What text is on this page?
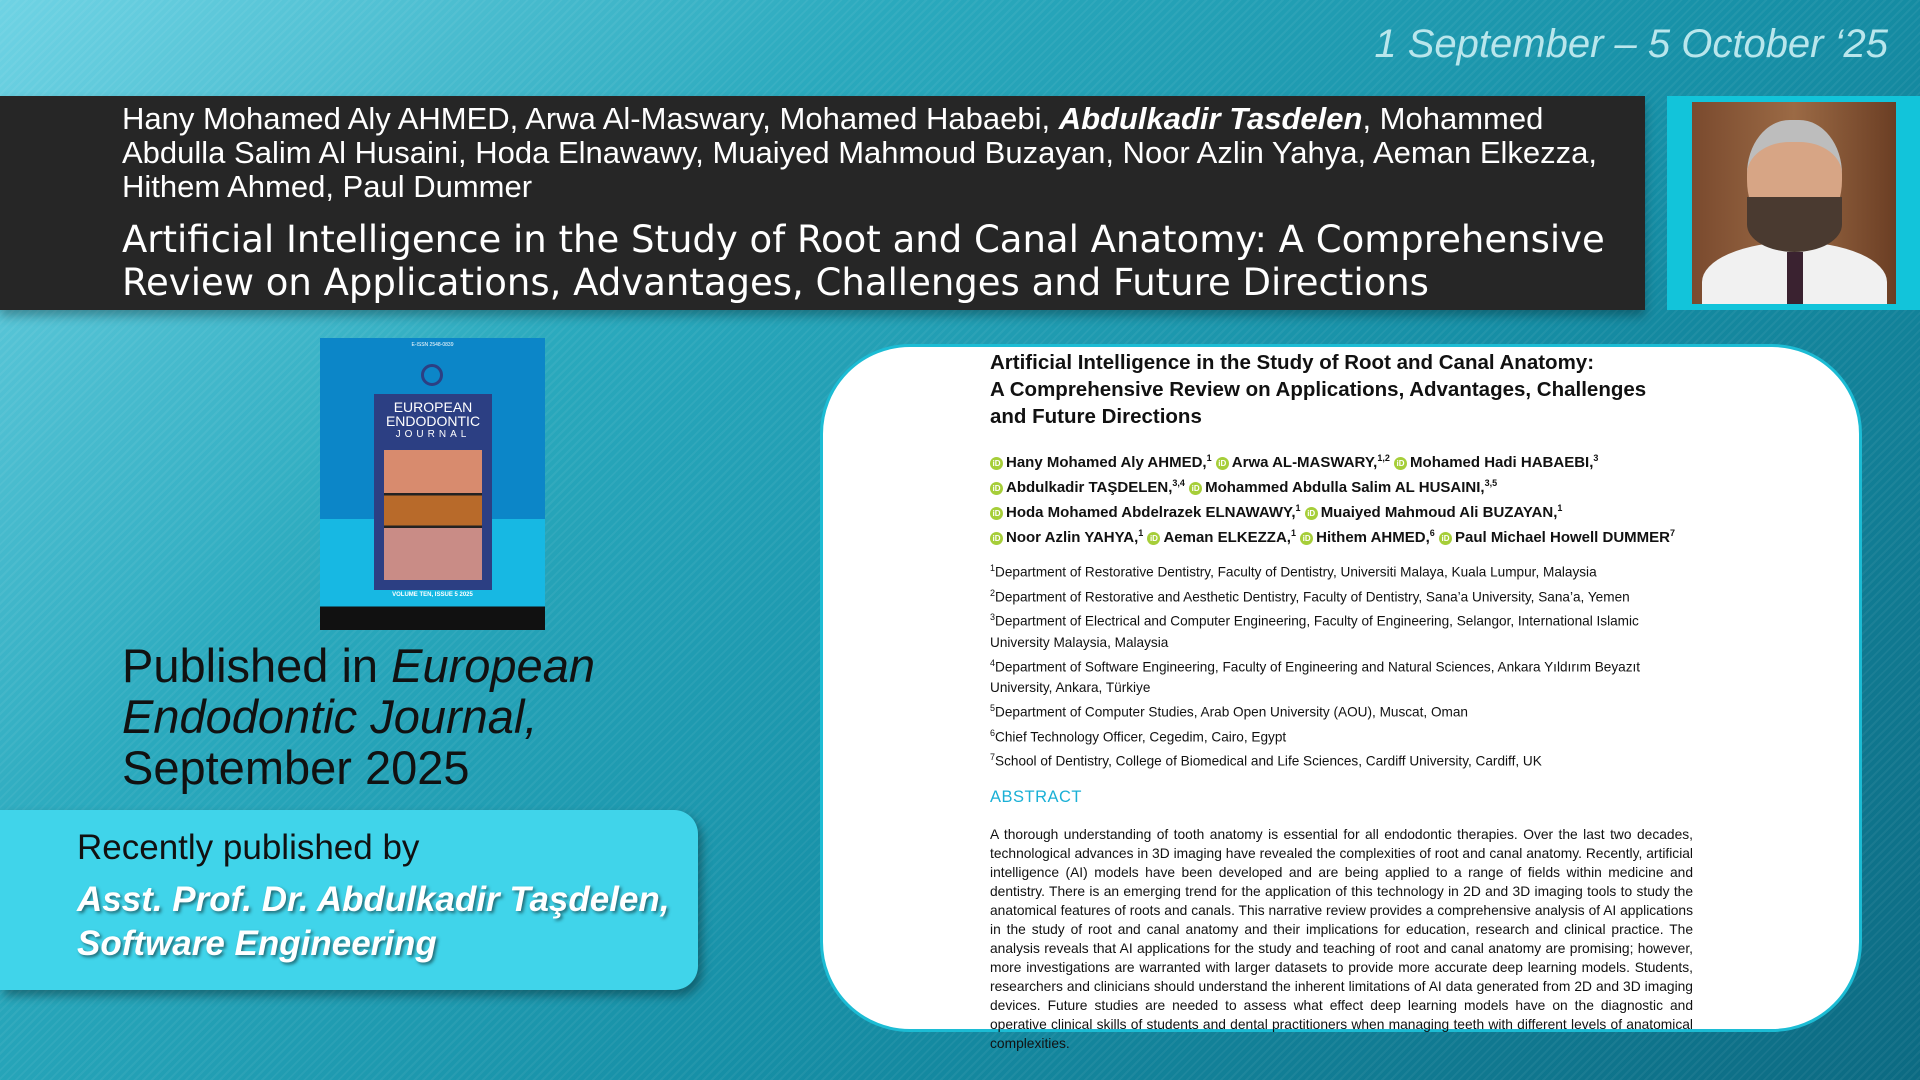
1 September – 5 October ‘25
Hany Mohamed Aly AHMED, Arwa Al-Maswary, Mohamed Habaebi, Abdulkadir Tasdelen, Mohammed Abdulla Salim Al Husaini, Hoda Elnawawy, Muaiyed Mahmoud Buzayan, Noor Azlin Yahya, Aeman Elkezza, Hithem Ahmed, Paul Dummer
Artificial Intelligence in the Study of Root and Canal Anatomy: A Comprehensive Review on Applications, Advantages, Challenges and Future Directions
E-ISSN 2548-0839
EUROPEAN
ENDODONTIC
JOURNAL
VOLUME TEN, ISSUE 5 2025
Published in European Endodontic Journal,
September 2025
Recently published by
Asst. Prof. Dr. Abdulkadir Taşdelen,
Software Engineering
Artificial Intelligence in the Study of Root and Canal Anatomy:
A Comprehensive Review on Applications, Advantages, Challenges
and Future Directions
iD Hany Mohamed Aly AHMED,$^1$ iD Arwa AL-MASWARY,$^{1,2}$ iD Mohamed Hadi HABAEBI,$^3$
iD Abdulkadir TAŞDELEN,$^{3,4}$ iD Mohammed Abdulla Salim AL HUSAINI,$^{3,5}$
iD Hoda Mohamed Abdelrazek ELNAWAWY,$^1$ iD Muaiyed Mahmoud Ali BUZAYAN,$^1$
iD Noor Azlin YAHYA,$^1$ iD Aeman ELKEZZA,$^1$ iD Hithem AHMED,$^6$ iD Paul Michael Howell DUMMER$^7$
$^1$Department of Restorative Dentistry, Faculty of Dentistry, Universiti Malaya, Kuala Lumpur, Malaysia
$^2$Department of Restorative and Aesthetic Dentistry, Faculty of Dentistry, Sana’a University, Sana’a, Yemen
$^3$Department of Electrical and Computer Engineering, Faculty of Engineering, Selangor, International Islamic University Malaysia, Malaysia
$^4$Department of Software Engineering, Faculty of Engineering and Natural Sciences, Ankara Yıldırım Beyazıt University, Ankara, Türkiye
$^5$Department of Computer Studies, Arab Open University (AOU), Muscat, Oman
$^6$Chief Technology Officer, Cegedim, Cairo, Egypt
$^7$School of Dentistry, College of Biomedical and Life Sciences, Cardiff University, Cardiff, UK
ABSTRACT
A thorough understanding of tooth anatomy is essential for all endodontic therapies. Over the last two decades, technological advances in 3D imaging have revealed the complexities of root and canal anatomy. Recently, artificial intelligence (AI) models have been developed and are being applied to a range of fields within medicine and dentistry. There is an emerging trend for the application of this technology in 2D and 3D imaging tools to study the anatomical features of roots and canals. This narrative review provides a comprehensive analysis of AI applications in the study of root and canal anatomy and their implications for education, research and clinical practice. The analysis reveals that AI applications for the study and teaching of root and canal anatomy are promising; however, more investigations are warranted with larger datasets to provide more accurate deep learning models. Students, researchers and clinicians should understand the inherent limitations of AI data generated from 2D and 3D imaging devices. Future studies are needed to assess what effect deep learning models have on the diagnostic and operative clinical skills of students and dental practitioners when managing teeth with different levels of anatomical complexities.
